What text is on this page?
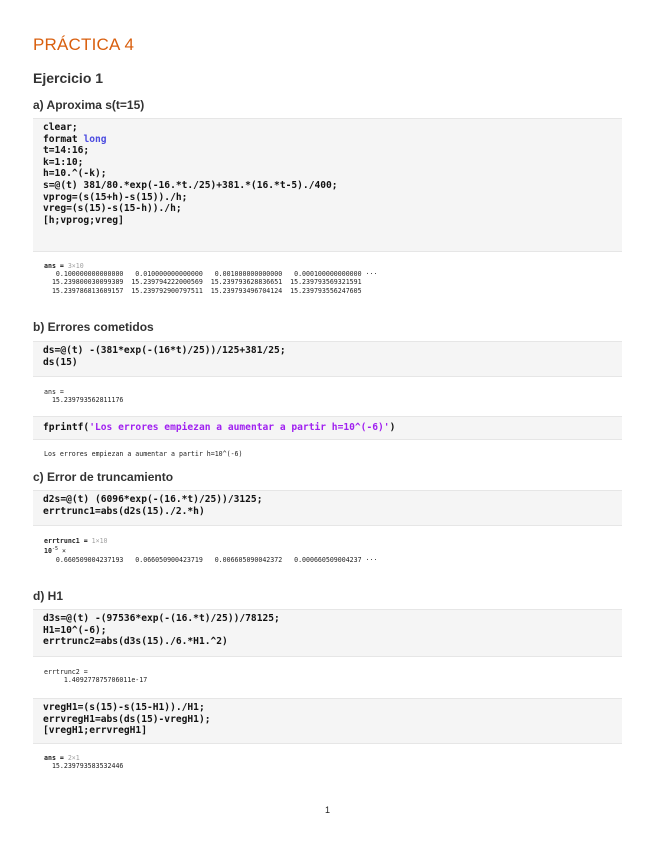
PRÁCTICA 4
Ejercicio 1
a) Aproxima s(t=15)
clear;
format long
t=14:16;
k=1:10;
h=10.^(-k);
s=@(t) 381/80.*exp(-16.*t./25)+381.*(16.*t-5)./400;
vprog=(s(15+h)-s(15))./h;
vreg=(s(15)-s(15-h))./h;
[h;vprog;vreg]
ans = 3×10
0.100000000000000   0.010000000000000   0.001000000000000   0.000100000000000 ···
15.239800030099389  15.239794222000569  15.239793628836651  15.239793569321591
15.239786813609157  15.239792900797511  15.239793496704124  15.239793556247605
b) Errores cometidos
ds=@(t) -(381*exp(-(16*t)/25))/125+381/25;
ds(15)
ans =
15.239793562811176
fprintf('Los errores empiezan a aumentar a partir h=10^(-6)')
Los errores empiezan a aumentar a partir h=10^(-6)
c) Error de truncamiento
d2s=@(t) (6096*exp(-(16.*t)/25))/3125;
errtrunc1=abs(d2s(15)./2.*h)
errtrunc1 = 1×10
$10^{-5}$ ×
0.660509004237193   0.066050900423719   0.006605090042372   0.000660509004237 ···
d) H1
d3s=@(t) -(97536*exp(-(16.*t)/25))/78125;
H1=10^(-6);
errtrunc2=abs(d3s(15)./6.*H1.^2)
errtrunc2 =
1.409277875706011e-17
vregH1=(s(15)-s(15-H1))./H1;
errvregH1=abs(ds(15)-vregH1);
[vregH1;errvregH1]
ans = 2×1
15.239793583532446
1
